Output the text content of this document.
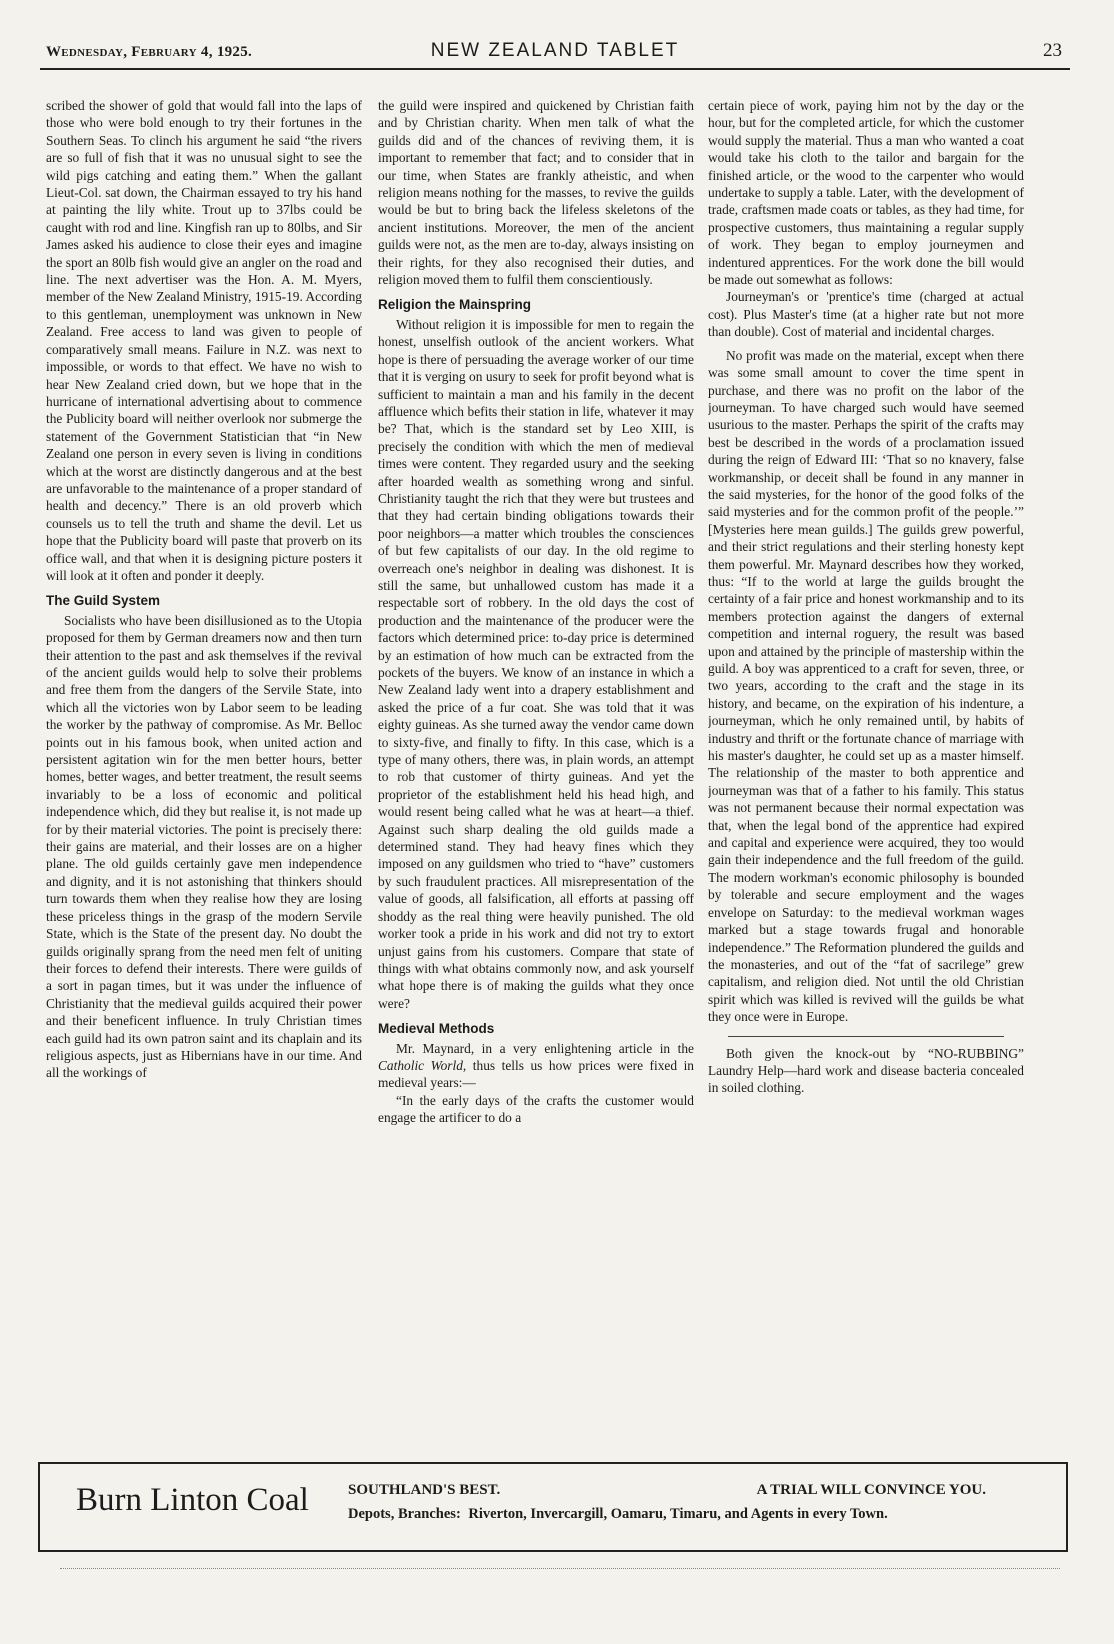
Wednesday, February 4, 1925.	NEW ZEALAND TABLET	23

scribed the shower of gold that would fall into the laps of those who were bold enough to try their fortunes in the Southern Seas. To clinch his argument he said “the rivers are so full of fish that it was no unusual sight to see the wild pigs catching and eating them.” When the gallant Lieut-Col. sat down, the Chairman essayed to try his hand at painting the lily white. Trout up to 37lbs could be caught with rod and line. Kingfish ran up to 80lbs, and Sir James asked his audience to close their eyes and imagine the sport an 80lb fish would give an angler on the road and line. The next advertiser was the Hon. A. M. Myers, member of the New Zealand Ministry, 1915-19. According to this gentleman, unemployment was unknown in New Zealand. Free access to land was given to people of comparatively small means. Failure in N.Z. was next to impossible, or words to that effect. We have no wish to hear New Zealand cried down, but we hope that in the hurricane of international advertising about to commence the Publicity board will neither overlook nor submerge the statement of the Government Statistician that “in New Zealand one person in every seven is living in conditions which at the worst are distinctly dangerous and at the best are unfavorable to the maintenance of a proper standard of health and decency.” There is an old proverb which counsels us to tell the truth and shame the devil. Let us hope that the Publicity board will paste that proverb on its office wall, and that when it is designing picture posters it will look at it often and ponder it deeply.

The Guild System

Socialists who have been disillusioned as to the Utopia proposed for them by German dreamers now and then turn their attention to the past and ask themselves if the revival of the ancient guilds would help to solve their problems and free them from the dangers of the Servile State, into which all the victories won by Labor seem to be leading the worker by the pathway of compromise. As Mr. Belloc points out in his famous book, when united action and persistent agitation win for the men better hours, better homes, better wages, and better treatment, the result seems invariably to be a loss of economic and political independence which, did they but realise it, is not made up for by their material victories. The point is precisely there: their gains are material, and their losses are on a higher plane. The old guilds certainly gave men independence and dignity, and it is not astonishing that thinkers should turn towards them when they realise how they are losing these priceless things in the grasp of the modern Servile State, which is the State of the present day. No doubt the guilds originally sprang from the need men felt of uniting their forces to defend their interests. There were guilds of a sort in pagan times, but it was under the influence of Christianity that the medieval guilds acquired their power and their beneficent influence. In truly Christian times each guild had its own patron saint and its chaplain and its religious aspects, just as Hibernians have in our time. And all the workings of

the guild were inspired and quickened by Christian faith and by Christian charity. When men talk of what the guilds did and of the chances of reviving them, it is important to remember that fact; and to consider that in our time, when States are frankly atheistic, and when religion means nothing for the masses, to revive the guilds would be but to bring back the lifeless skeletons of the ancient institutions. Moreover, the men of the ancient guilds were not, as the men are to-day, always insisting on their rights, for they also recognised their duties, and religion moved them to fulfil them conscientiously.

Religion the Mainspring

Without religion it is impossible for men to regain the honest, unselfish outlook of the ancient workers. What hope is there of persuading the average worker of our time that it is verging on usury to seek for profit beyond what is sufficient to maintain a man and his family in the decent affluence which befits their station in life, whatever it may be? That, which is the standard set by Leo XIII, is precisely the condition with which the men of medieval times were content. They regarded usury and the seeking after hoarded wealth as something wrong and sinful. Christianity taught the rich that they were but trustees and that they had certain binding obligations towards their poor neighbors—a matter which troubles the consciences of but few capitalists of our day. In the old regime to overreach one's neighbor in dealing was dishonest. It is still the same, but unhallowed custom has made it a respectable sort of robbery. In the old days the cost of production and the maintenance of the producer were the factors which determined price: to-day price is determined by an estimation of how much can be extracted from the pockets of the buyers. We know of an instance in which a New Zealand lady went into a drapery establishment and asked the price of a fur coat. She was told that it was eighty guineas. As she turned away the vendor came down to sixty-five, and finally to fifty. In this case, which is a type of many others, there was, in plain words, an attempt to rob that customer of thirty guineas. And yet the proprietor of the establishment held his head high, and would resent being called what he was at heart—a thief. Against such sharp dealing the old guilds made a determined stand. They had heavy fines which they imposed on any guildsmen who tried to “have” customers by such fraudulent practices. All misrepresentation of the value of goods, all falsification, all efforts at passing off shoddy as the real thing were heavily punished. The old worker took a pride in his work and did not try to extort unjust gains from his customers. Compare that state of things with what obtains commonly now, and ask yourself what hope there is of making the guilds what they once were?

Medieval Methods

Mr. Maynard, in a very enlightening article in the Catholic World, thus tells us how prices were fixed in medieval years:—

“In the early days of the crafts the customer would engage the artificer to do a

certain piece of work, paying him not by the day or the hour, but for the completed article, for which the customer would supply the material. Thus a man who wanted a coat would take his cloth to the tailor and bargain for the finished article, or the wood to the carpenter who would undertake to supply a table. Later, with the development of trade, craftsmen made coats or tables, as they had time, for prospective customers, thus maintaining a regular supply of work. They began to employ journeymen and indentured apprentices. For the work done the bill would be made out somewhat as follows:

Journeyman's or 'prentice's time (charged at actual cost). Plus Master's time (at a higher rate but not more than double). Cost of material and incidental charges.

No profit was made on the material, except when there was some small amount to cover the time spent in purchase, and there was no profit on the labor of the journeyman. To have charged such would have seemed usurious to the master. Perhaps the spirit of the crafts may best be described in the words of a proclamation issued during the reign of Edward III: ‘That so no knavery, false workmanship, or deceit shall be found in any manner in the said mysteries, for the honor of the good folks of the said mysteries and for the common profit of the people.’” [Mysteries here mean guilds.] The guilds grew powerful, and their strict regulations and their sterling honesty kept them powerful. Mr. Maynard describes how they worked, thus: “If to the world at large the guilds brought the certainty of a fair price and honest workmanship and to its members protection against the dangers of external competition and internal roguery, the result was based upon and attained by the principle of mastership within the guild. A boy was apprenticed to a craft for seven, three, or two years, according to the craft and the stage in its history, and became, on the expiration of his indenture, a journeyman, which he only remained until, by habits of industry and thrift or the fortunate chance of marriage with his master's daughter, he could set up as a master himself. The relationship of the master to both apprentice and journeyman was that of a father to his family. This status was not permanent because their normal expectation was that, when the legal bond of the apprentice had expired and capital and experience were acquired, they too would gain their independence and the full freedom of the guild. The modern workman's economic philosophy is bounded by tolerable and secure employment and the wages envelope on Saturday: to the medieval workman wages marked but a stage towards frugal and honorable independence.” The Reformation plundered the guilds and the monasteries, and out of the “fat of sacrilege” grew capitalism, and religion died. Not until the old Christian spirit which was killed is revived will the guilds be what they once were in Europe.

Both given the knock-out by “NO-RUBBING” Laundry Help—hard work and disease bacteria concealed in soiled clothing.

Burn Linton Coal	SOUTHLAND'S BEST.	A TRIAL WILL CONVINCE YOU.
Depots, Branches: Riverton, Invercargill, Oamaru, Timaru, and Agents in every Town.
